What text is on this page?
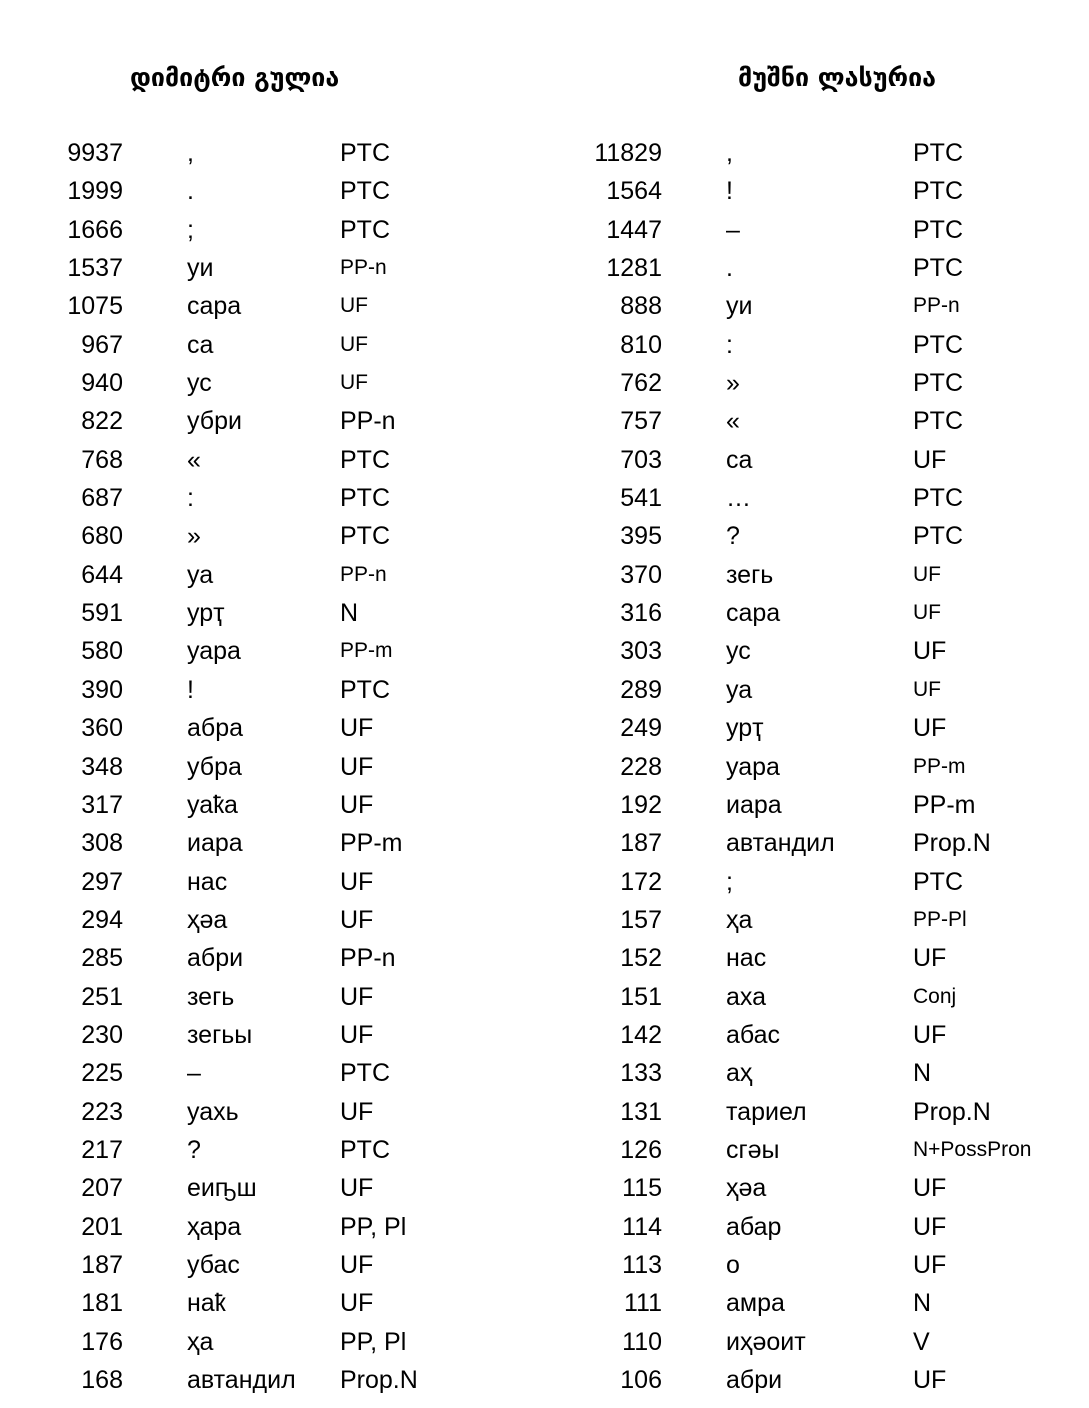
დიმიტრი გულია	მუშნი ლასურია
9937	,	PTC
1999	.	PTC
1666	;	PTC
1537	уи	PP-n
1075	сара	UF
967	са	UF
940	ус	UF
822	убри	PP-n
768	«	PTC
687	:	PTC
680	»	PTC
644	уа	PP-n
591	урҭ	N
580	уара	PP-m
390	!	PTC
360	абра	UF
348	убра	UF
317	уаҟа	UF
308	иара	PP-m
297	нас	UF
294	ҳәа	UF
285	абри	PP-n
251	зегь	UF
230	зегьы	UF
225	–	PTC
223	уахь	UF
217	?	PTC
207	еиҧш	UF
201	ҳара	PP, Pl
187	убас	UF
181	наҟ	UF
176	ҳа	PP, Pl
168	автандил	Prop.N
11829	,	PTC
1564	!	PTC
1447	–	PTC
1281	.	PTC
888	уи	PP-n
810	:	PTC
762	»	PTC
757	«	PTC
703	са	UF
541	…	PTC
395	?	PTC
370	зегь	UF
316	сара	UF
303	ус	UF
289	уа	UF
249	урҭ	UF
228	уара	PP-m
192	иара	PP-m
187	автандил	Prop.N
172	;	PTC
157	ҳа	PP-Pl
152	нас	UF
151	аха	Conj
142	абас	UF
133	аҳ	N
131	тариел	Prop.N
126	сгәы	N+PossPron
115	ҳәа	UF
114	абар	UF
113	о	UF
111	амра	N
110	иҳәоит	V
106	абри	UF
